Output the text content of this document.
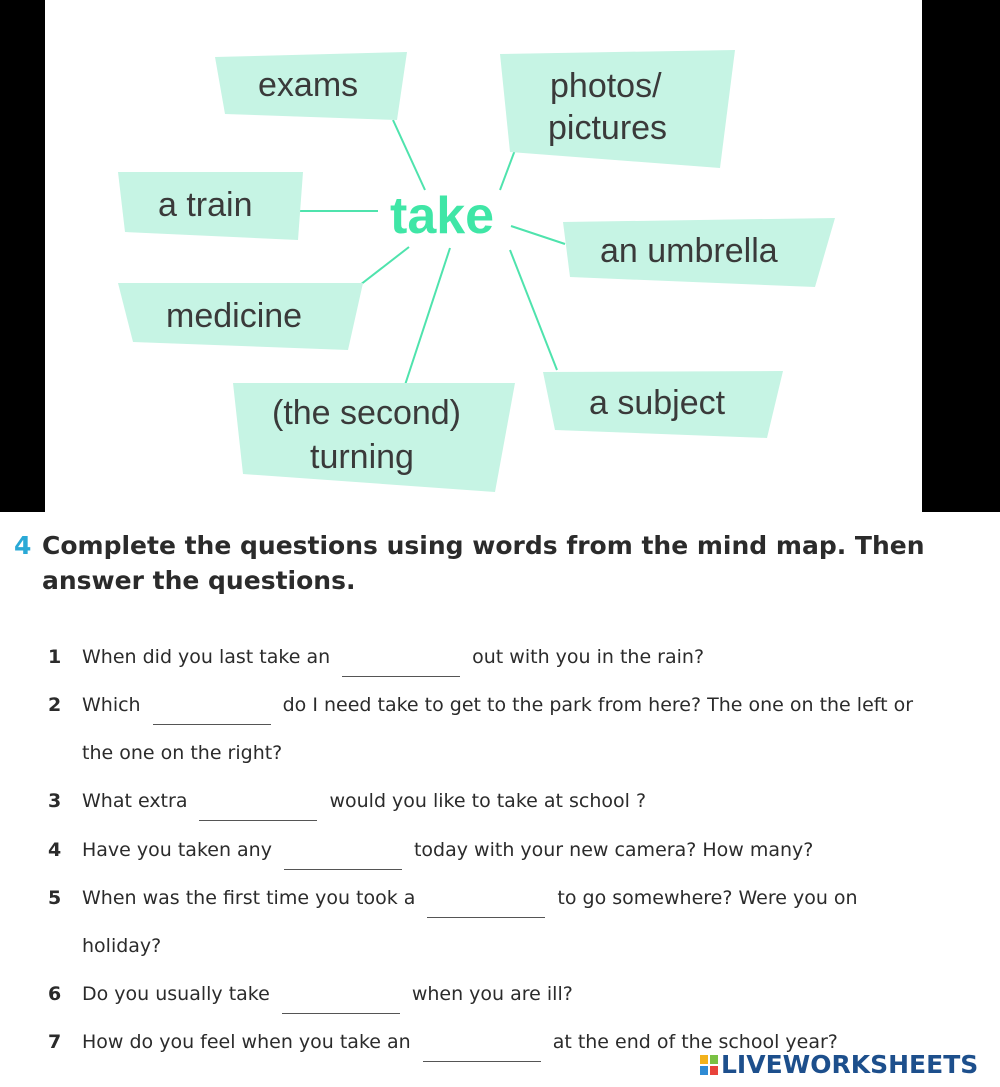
exams	photos/
pictures
a train	take
an umbrella
medicine
(the second)
turning
a subject
4 Complete the questions using words from the mind map. Then
answer the questions.
1 When did you last take an	out with you in the rain?
2 Which	do I need take to get to the park from here? The one on the left or
the one on the right?
3 What extra	would you like to take at school ?
4 Have you taken any	today with your new camera? How many?
5 When was the first time you took a	to go somewhere? Were you on
holiday?
6 Do you usually take	when you are ill?
7 How do you feel when you take an	at the end of the school year?
LIVEWORKSHEETS
